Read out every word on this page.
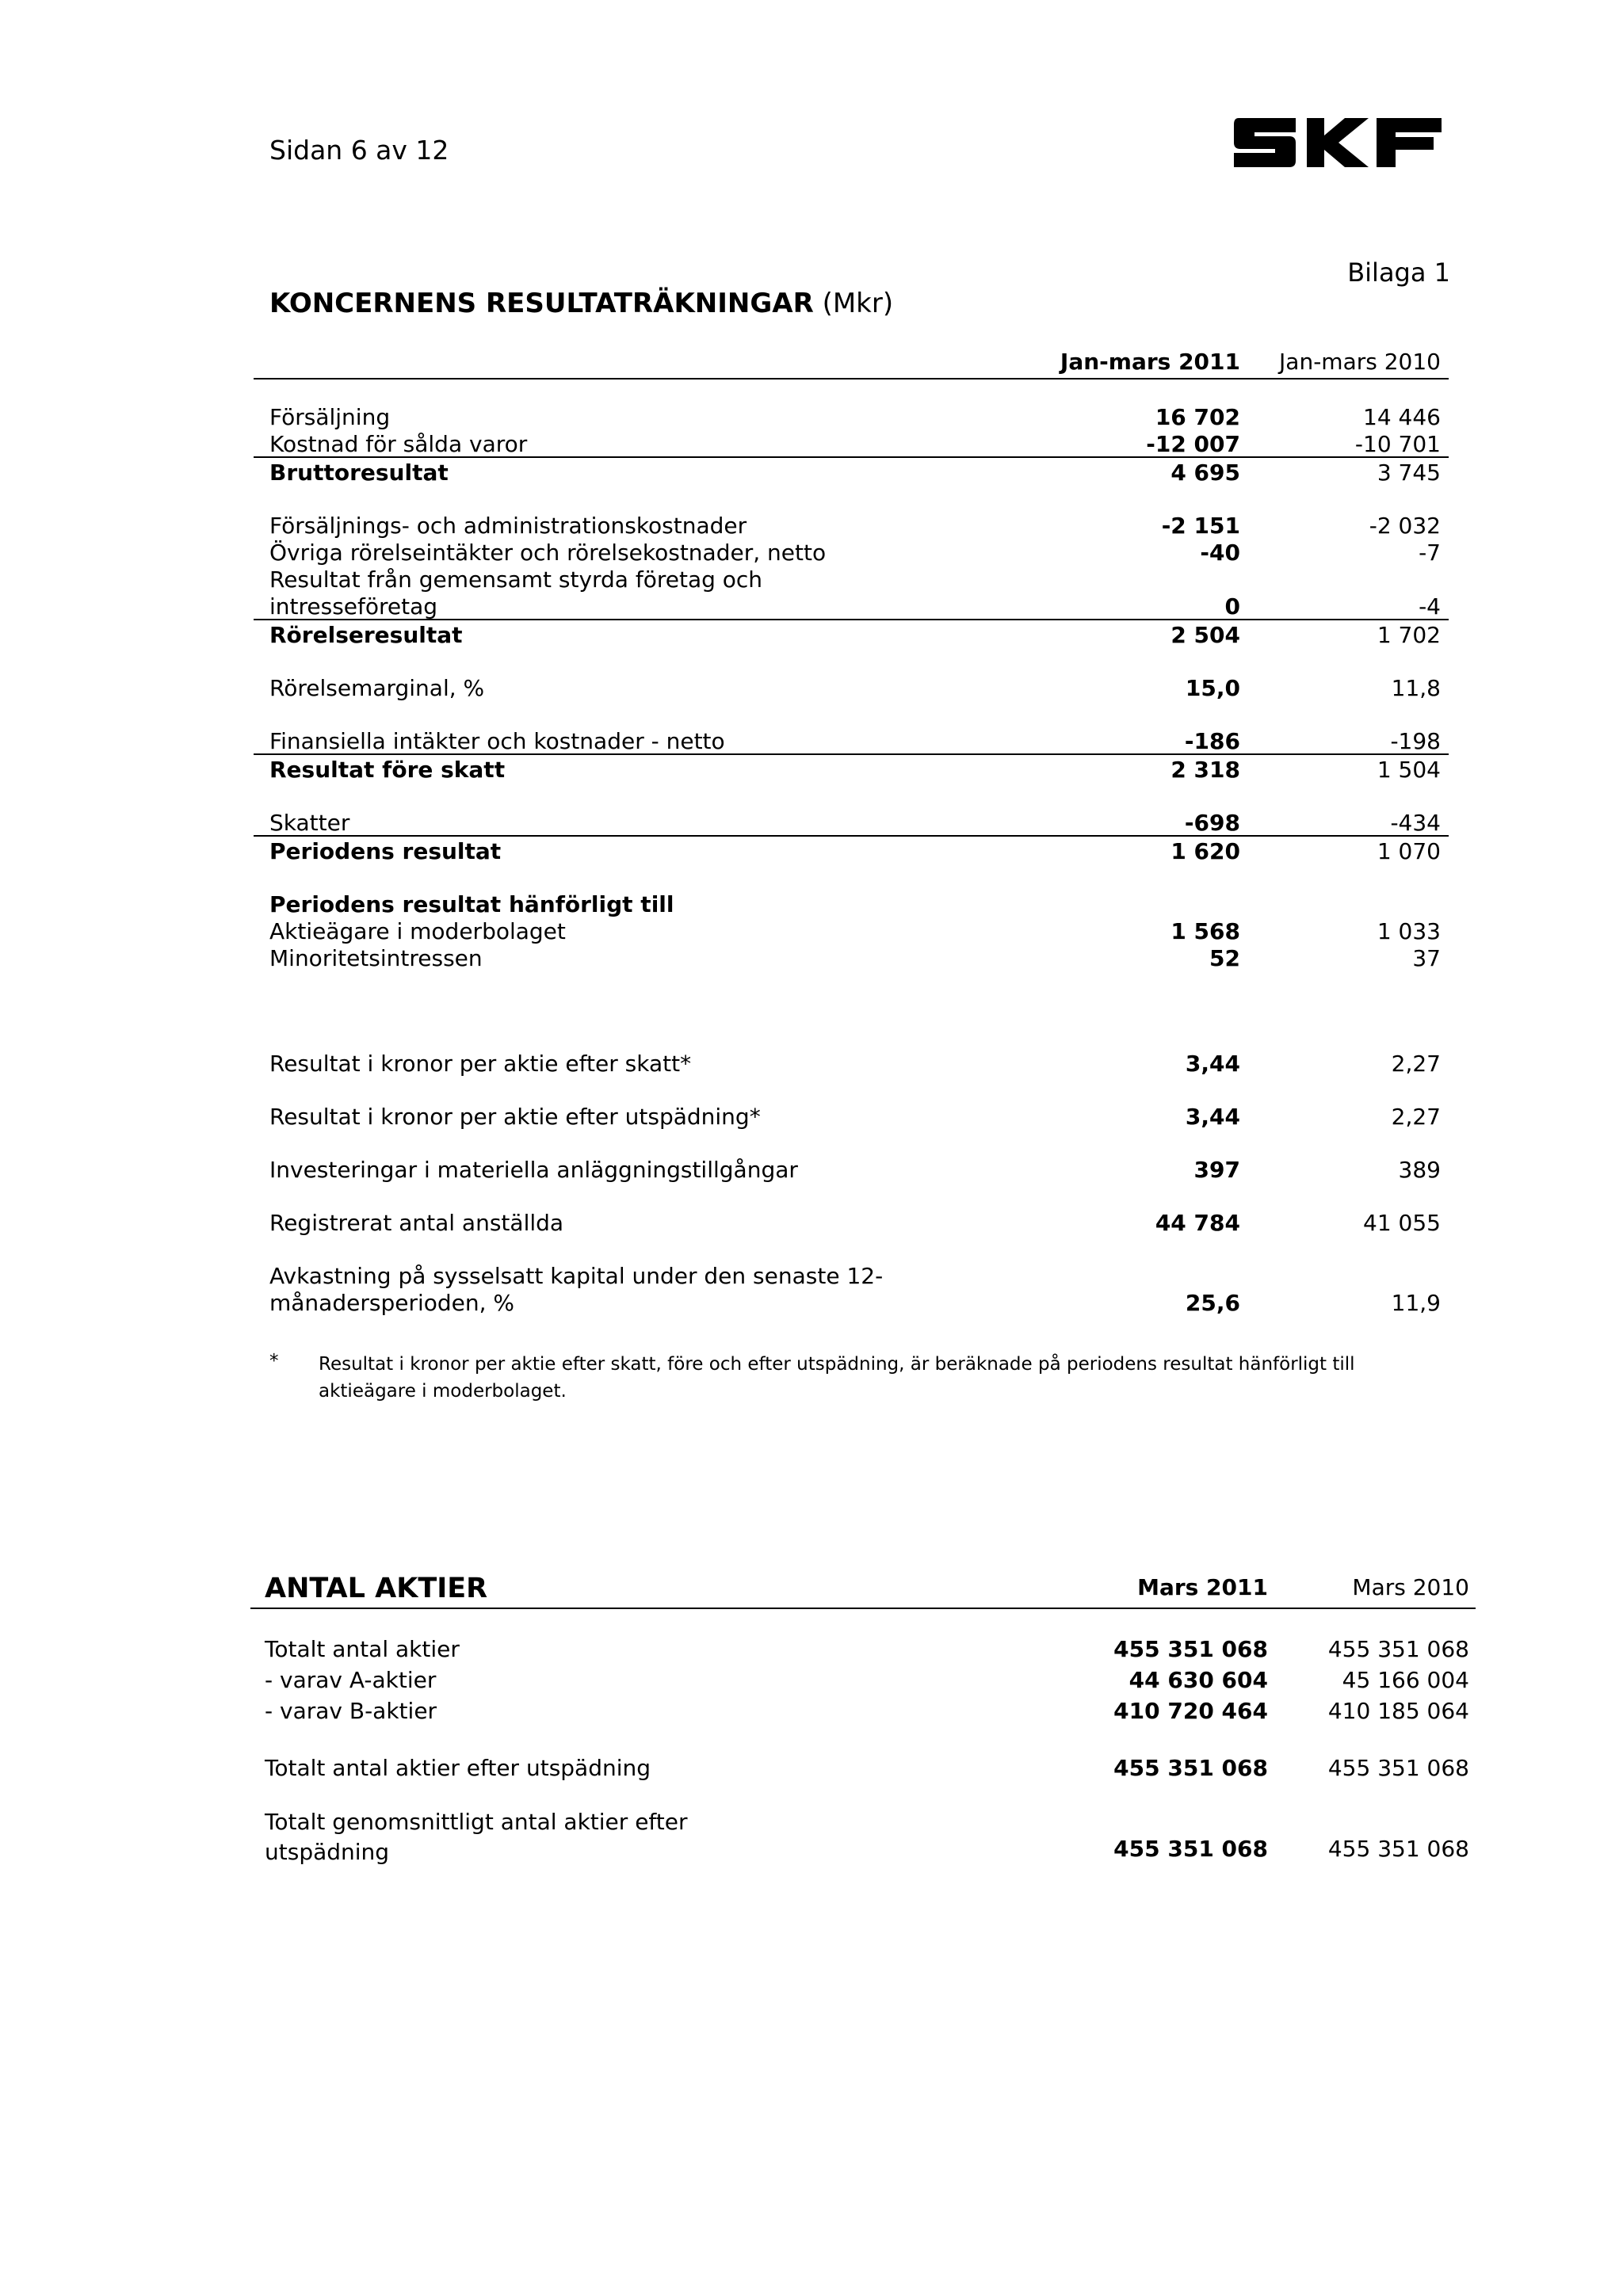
Sidan 6 av 12
Bilaga 1
KONCERNENS RESULTATRÄKNINGAR (Mkr)
Jan-mars 2011	Jan-mars 2010
Försäljning	16 702	14 446
Kostnad för sålda varor	-12 007	-10 701
Bruttoresultat	4 695	3 745
Försäljnings- och administrationskostnader	-2 151	-2 032
Övriga rörelseintäkter och rörelsekostnader, netto	-40	-7
Resultat från gemensamt styrda företag och
intresseföretag	0	-4
Rörelseresultat	2 504	1 702
Rörelsemarginal, %	15,0	11,8
Finansiella intäkter och kostnader - netto	-186	-198
Resultat före skatt	2 318	1 504
Skatter	-698	-434
Periodens resultat	1 620	1 070
Periodens resultat hänförligt till
Aktieägare i moderbolaget	1 568	1 033
Minoritetsintressen	52	37
Resultat i kronor per aktie efter skatt*	3,44	2,27
Resultat i kronor per aktie efter utspädning*	3,44	2,27
Investeringar i materiella anläggningstillgångar	397	389
Registrerat antal anställda	44 784	41 055
Avkastning på sysselsatt kapital under den senaste 12-
månadersperioden, %	25,6	11,9
* Resultat i kronor per aktie efter skatt, före och efter utspädning, är beräknade på periodens resultat hänförligt till aktieägare i moderbolaget.
ANTAL AKTIER	Mars 2011	Mars 2010
Totalt antal aktier	455 351 068	455 351 068
- varav A-aktier	44 630 604	45 166 004
- varav B-aktier	410 720 464	410 185 064
Totalt antal aktier efter utspädning	455 351 068	455 351 068
Totalt genomsnittligt antal aktier efter
utspädning	455 351 068	455 351 068
